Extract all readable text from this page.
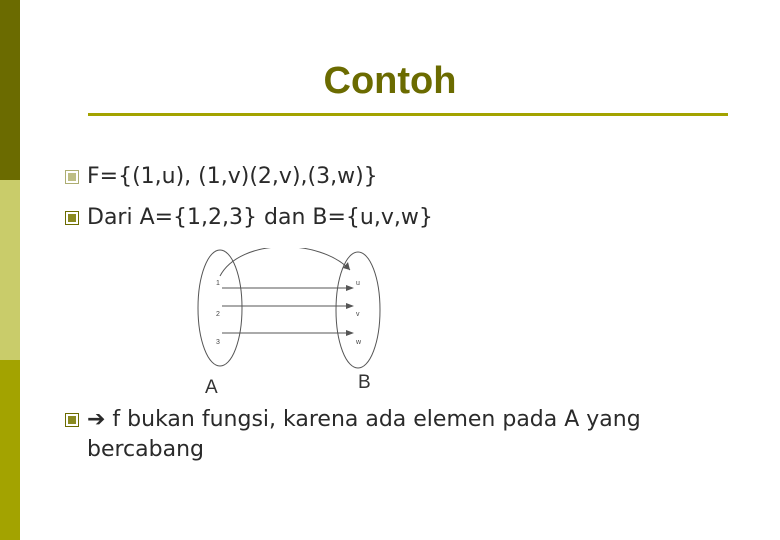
Contoh
F={(1,u), (1,v)(2,v),(3,w)}
Dari A={1,2,3} dan B={u,v,w}
1
2
3
u
v
w
A	B
➔ f bukan fungsi, karena ada elemen pada A yang bercabang
